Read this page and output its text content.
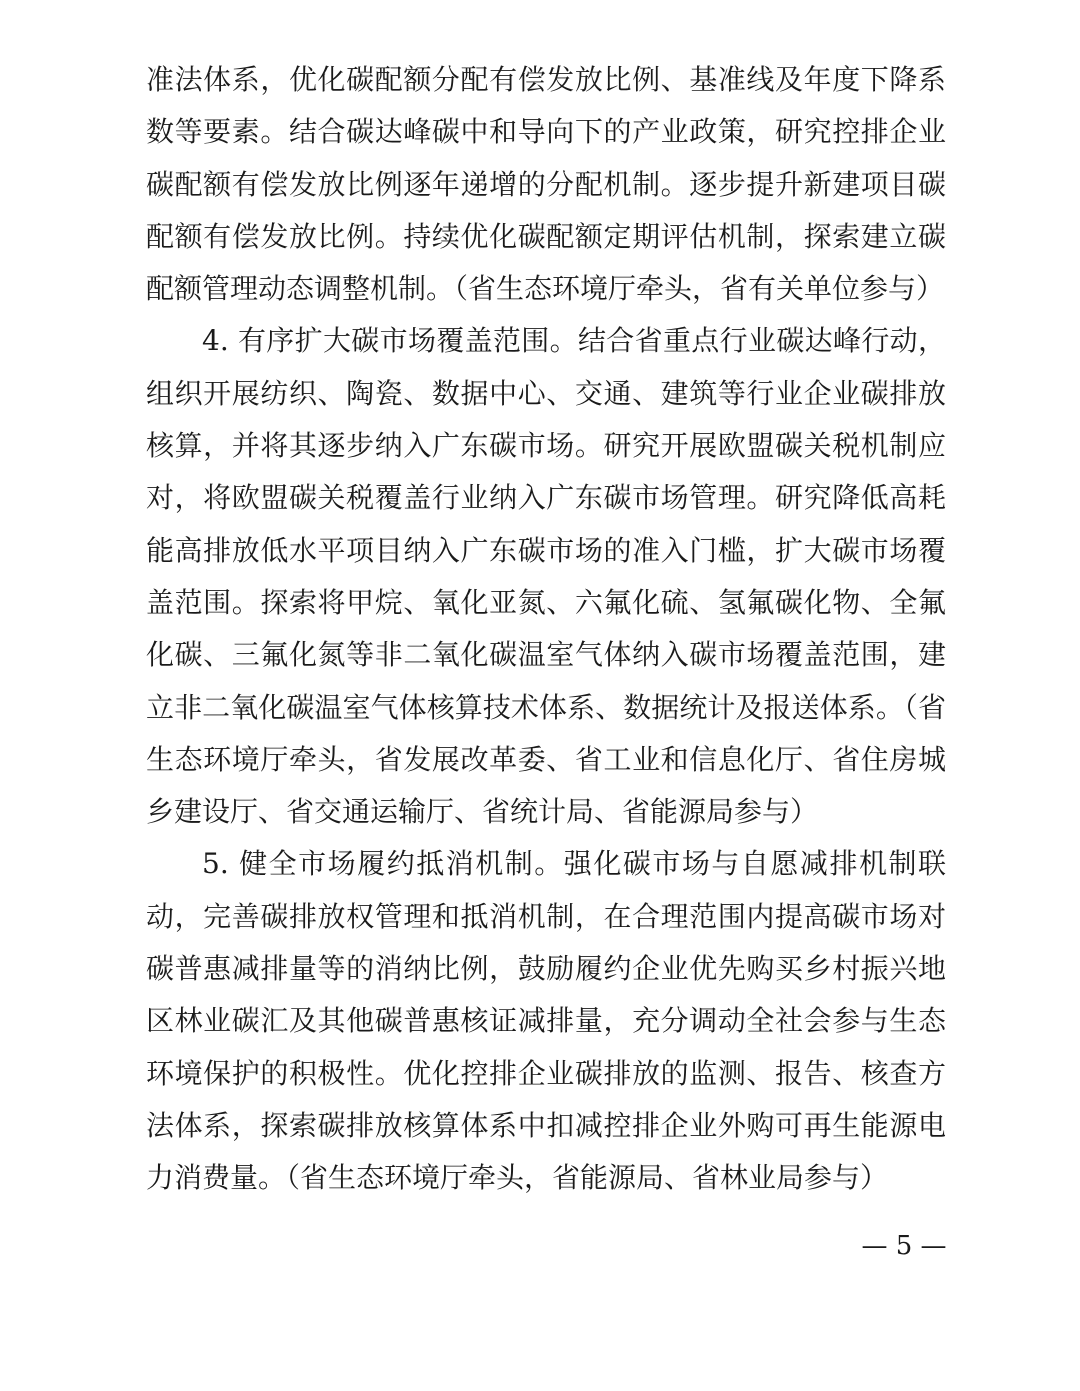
准法体系，优化碳配额分配有偿发放比例、基准线及年度下降系
数等要素。结合碳达峰碳中和导向下的产业政策，研究控排企业
碳配额有偿发放比例逐年递增的分配机制。逐步提升新建项目碳
配额有偿发放比例。持续优化碳配额定期评估机制，探索建立碳
配额管理动态调整机制。（省生态环境厅牵头，省有关单位参与）
4. 有序扩大碳市场覆盖范围。结合省重点行业碳达峰行动，
组织开展纺织、陶瓷、数据中心、交通、建筑等行业企业碳排放
核算，并将其逐步纳入广东碳市场。研究开展欧盟碳关税机制应
对，将欧盟碳关税覆盖行业纳入广东碳市场管理。研究降低高耗
能高排放低水平项目纳入广东碳市场的准入门槛，扩大碳市场覆
盖范围。探索将甲烷、氧化亚氮、六氟化硫、氢氟碳化物、全氟
化碳、三氟化氮等非二氧化碳温室气体纳入碳市场覆盖范围，建
立非二氧化碳温室气体核算技术体系、数据统计及报送体系。（省
生态环境厅牵头，省发展改革委、省工业和信息化厅、省住房城
乡建设厅、省交通运输厅、省统计局、省能源局参与）
5. 健全市场履约抵消机制。强化碳市场与自愿减排机制联
动，完善碳排放权管理和抵消机制，在合理范围内提高碳市场对
碳普惠减排量等的消纳比例，鼓励履约企业优先购买乡村振兴地
区林业碳汇及其他碳普惠核证减排量，充分调动全社会参与生态
环境保护的积极性。优化控排企业碳排放的监测、报告、核查方
法体系，探索碳排放核算体系中扣减控排企业外购可再生能源电
力消费量。（省生态环境厅牵头，省能源局、省林业局参与）
— 5 —
